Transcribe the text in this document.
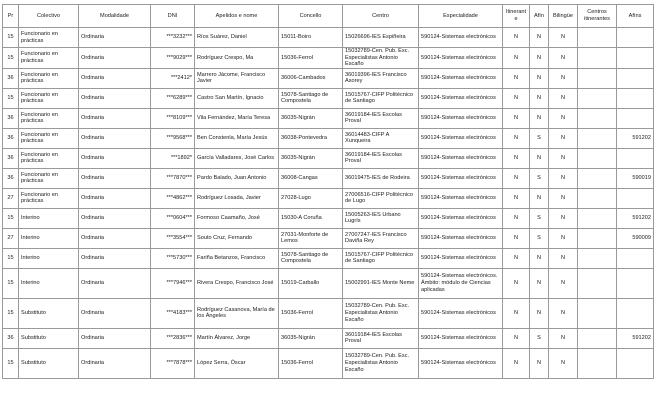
Pr	Colectivo	Modalidade	DNI	Apelidos e nome	Concello	Centro	Especialidade	Itinerante	Afín	Bilingüe	Centros itinerantes	Afíns
15	Funcionario en prácticas	Ordinaria	***3232***	Ríos Suárez, Daniel	15011-Boiro	15026696-IES Espiñeira	590124-Sistemas electrónicos	N	N	N		
15	Funcionario en prácticas	Ordinaria	***9029***	Rodríguez Crespo, Ma	15036-Ferrol	15032789-Cen. Pub. Esc. Especialistas Antonio Escaño	590124-Sistemas electrónicos	N	N	N		
36	Funcionario en prácticas	Ordinaria	***2412*	Marrero Jácome, Francisco Javier	36006-Cambados	36019396-IES Francisco Asorey	590124-Sistemas electrónicos	N	N	N		
15	Funcionario en prácticas	Ordinaria	***6289***	Castro San Martín, Ignacio	15078-Santiago de Compostela	15015767-CIFP Politécnico de Santiago	590124-Sistemas electrónicos	N	N	N		
36	Funcionario en prácticas	Ordinaria	***8109***	Vila Fernández, María Teresa	36035-Nigrán	36019184-IES Escolas Proval	590124-Sistemas electrónicos	N	N	N		
36	Funcionario en prácticas	Ordinaria	***9568***	Ben Constenla, María Jesús	36038-Pontevedra	36014483-CIFP A Xunqueira	590124-Sistemas electrónicos	N	S	N		591202
36	Funcionario en prácticas	Ordinaria	***1892*	García Valladares, José Carlos	36035-Nigrán	36019184-IES Escolas Proval	590124-Sistemas electrónicos	N	N	N		
36	Funcionario en prácticas	Ordinaria	***7870***	Pardo Balado, Juan Antonio	36008-Cangas	36019475-IES de Rodeira	590124-Sistemas electrónicos	N	S	N		590019
27	Funcionario en prácticas	Ordinaria	***4862***	Rodríguez Losada, Javier	27028-Lugo	27006516-CIFP Politécnico de Lugo	590124-Sistemas electrónicos	N	N	N		
15	Interino	Ordinaria	***0604***	Formoso Caamaño, José	15030-A Coruña	15005263-IES Urbano Lugrís	590124-Sistemas electrónicos	N	S	N		591202
27	Interino	Ordinaria	***3554***	Souto Cruz, Fernando	27031-Monforte de Lemos	27007247-IES Francisco Daviña Rey	590124-Sistemas electrónicos	N	S	N		590009
15	Interino	Ordinaria	***5730***	Fariña Betanzos, Francisco	15078-Santiago de Compostela	15015767-CIFP Politécnico de Santiago	590124-Sistemas electrónicos	N	N	N		
15	Interino	Ordinaria	***7946***	Rivera Crespo, Francisco José	15019-Carballo	15002991-IES Monte Neme	590124-Sistemas electrónicos. Ámbito: módulo de Ciencias aplicadas	N	N	N		
15	Substituto	Ordinaria	***4183***	Rodríguez Casanova, María de los Ángeles	15036-Ferrol	15032789-Cen. Pub. Esc. Especialistas Antonio Escaño	590124-Sistemas electrónicos	N	N	N		
36	Substituto	Ordinaria	***2836***	Martín Álvarez, Jorge	36035-Nigrán	36019184-IES Escolas Proval	590124-Sistemas electrónicos	N	S	N		591202
15	Substituto	Ordinaria	***7878***	López Serra, Óscar	15036-Ferrol	15032789-Cen. Pub. Esc. Especialistas Antonio Escaño	590124-Sistemas electrónicos	N	N	N		
